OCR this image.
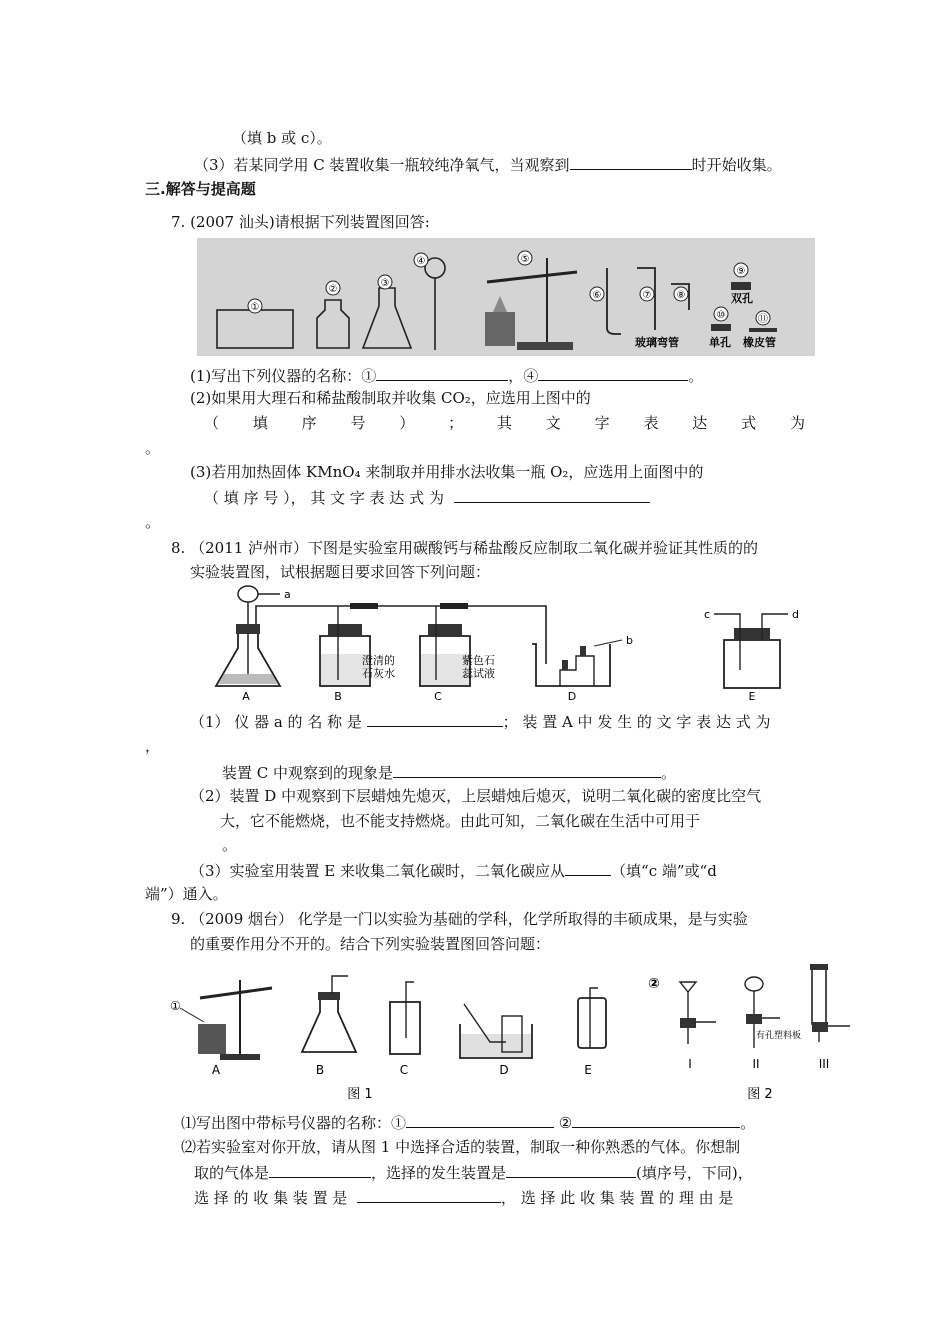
（填 b 或 c）。
（3）若某同学用 C 装置收集一瓶较纯净氧气，当观察到	时开始收集。
三.解答与提高题
7. (2007 汕头)请根据下列装置图回答:
①
②
③
④	⑤
⑥	⑦	⑧
玻璃弯管
⑨
双孔
⑩
单孔
⑪
橡皮管
(1)写出下列仪器的名称：①	，④	。
(2)如果用大理石和稀盐酸制取并收集 CO₂，应选用上图中的
（ 填 序 号 ） ； 其 文 字 表 达 式 为
。
(3)若用加热固体 KMnO₄ 来制取并用排水法收集一瓶 O₂，应选用上面图中的
（ 填 序 号 ）， 其 文 字 表 达 式 为
。
8. （2011 泸州市）下图是实验室用碳酸钙与稀盐酸反应制取二氧化碳并验证其性质的的
实验装置图，试根据题目要求回答下列问题：
a
A	B
澄清的
石灰水
C
紫色石
蕊试液
b
D
c	d
E
（1） 仪 器 a 的 名 称 是	； 装 置 A 中 发 生 的 文 字 表 达 式 为
，
装置 C 中观察到的现象是	。
（2）装置 D 中观察到下层蜡烛先熄灭，上层蜡烛后熄灭，说明二氧化碳的密度比空气
大，它不能燃烧，也不能支持燃烧。由此可知，二氧化碳在生活中可用于
。
（3）实验室用装置 E 来收集二氧化碳时，二氧化碳应从	（填“c 端”或“d
端”）通入。
9. （2009 烟台） 化学是一门以实验为基础的学科，化学所取得的丰硕成果，是与实验
的重要作用分不开的。结合下列实验装置图回答问题：
①
A	B	C	D	E
②
I
有孔塑料板
II	III
图 1	图 2
⑴写出图中带标号仪器的名称：①	②	。
⑵若实验室对你开放，请从图 1 中选择合适的装置，制取一种你熟悉的气体。你想制
取的气体是	，选择的发生装置是	(填序号，下同)，
选 择 的 收 集 装 置 是	， 选 择 此 收 集 装 置 的 理 由 是
